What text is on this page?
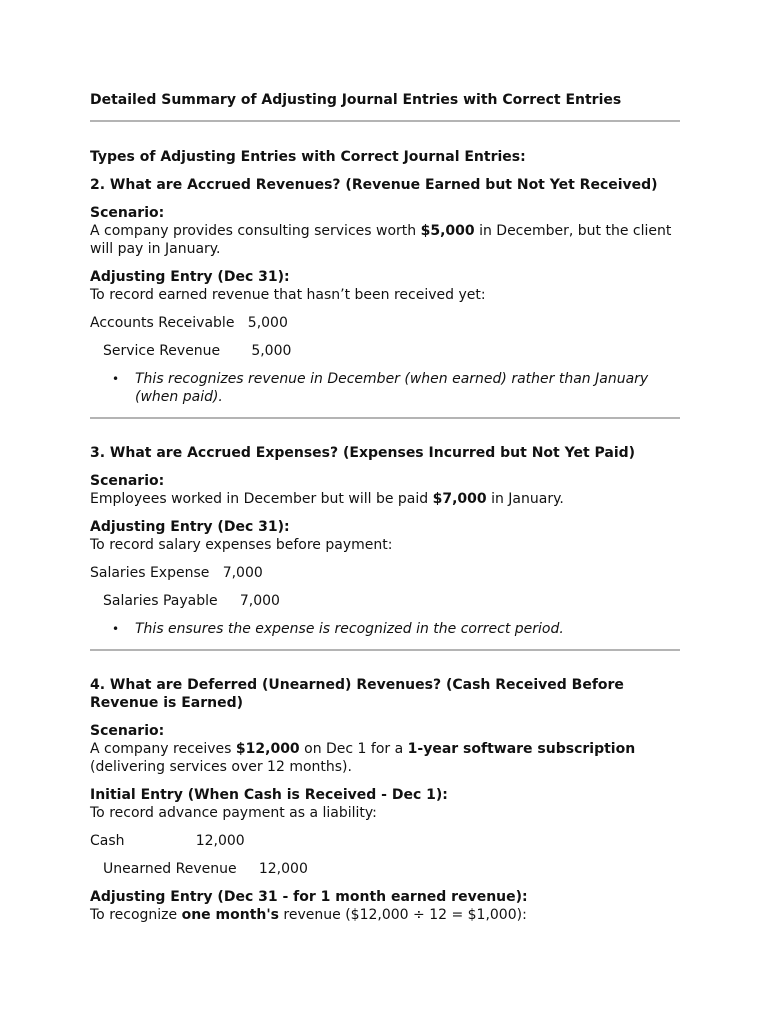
Detailed Summary of Adjusting Journal Entries with Correct Entries
Types of Adjusting Entries with Correct Journal Entries:
2. What are Accrued Revenues? (Revenue Earned but Not Yet Received)
Scenario:

A company provides consulting services worth $5,000 in December, but the client will pay in January.

Adjusting Entry (Dec 31):

To record earned revenue that hasn’t been received yet:

Accounts Receivable   5,000
Service Revenue       5,000
• This recognizes revenue in December (when earned) rather than January (when paid).
3. What are Accrued Expenses? (Expenses Incurred but Not Yet Paid)
Scenario:

Employees worked in December but will be paid $7,000 in January.

Adjusting Entry (Dec 31):

To record salary expenses before payment:

Salaries Expense   7,000
Salaries Payable     7,000
• This ensures the expense is recognized in the correct period.
4. What are Deferred (Unearned) Revenues? (Cash Received Before Revenue is Earned)
Scenario:

A company receives $12,000 on Dec 1 for a 1-year software subscription (delivering services over 12 months).

Initial Entry (When Cash is Received - Dec 1):

To record advance payment as a liability:

Cash                12,000
Unearned Revenue     12,000
Adjusting Entry (Dec 31 - for 1 month earned revenue):

To recognize one month's revenue ($12,000 ÷ 12 = $1,000):
